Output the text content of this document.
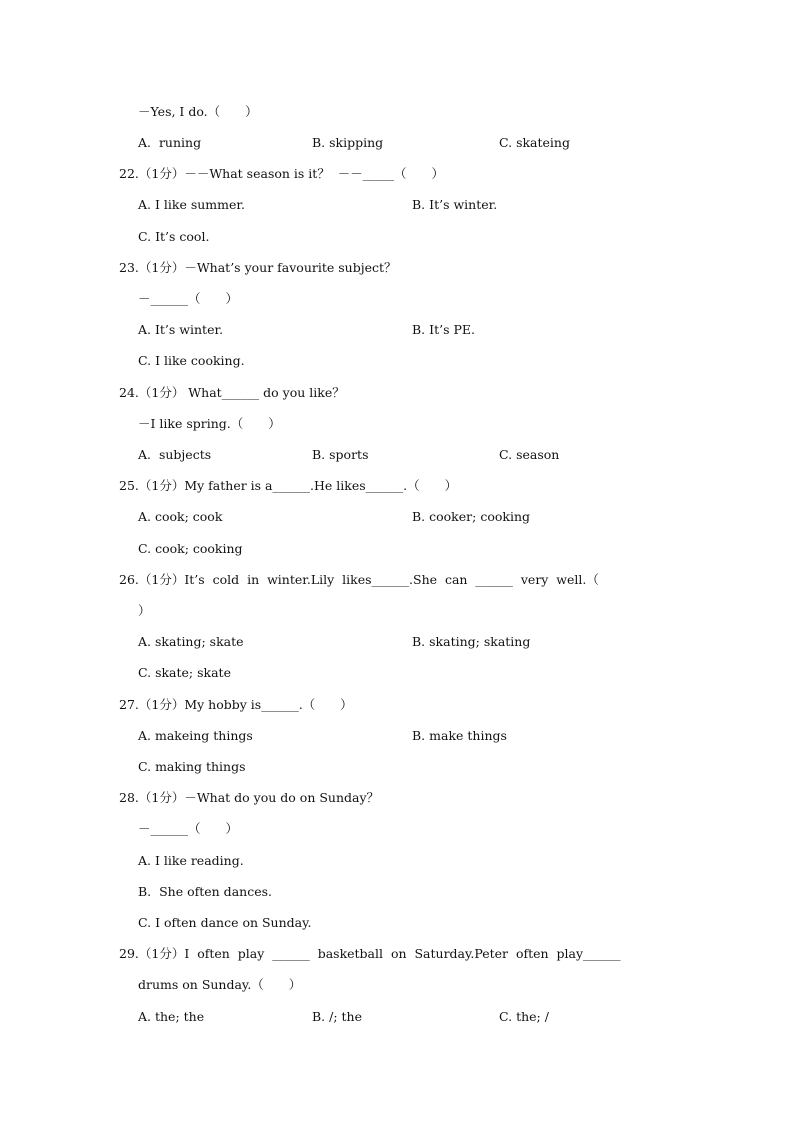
－Yes, I do.（　　）
A.  runing	B. skipping	C. skateing
22.（1分）－－What season is it？  －－_____（　　）
A. I like summer.	B. It’s winter.
C. It’s cool.
23.（1分）－What’s your favourite subject？
－______（　　）
A. It’s winter.	B. It’s PE.
C. I like cooking.
24.（1分） What______ do you like？
－I like spring.（　　）
A.  subjects	B. sports	C. season
25.（1分）My father is a______.He likes______.（　　）
A. cook; cook	B. cooker; cooking
C. cook; cooking
26.（1分）It’s  cold  in  winter.Lily  likes______.She  can  ______  very  well.（
）
A. skating; skate	B. skating; skating
C. skate; skate
27.（1分）My hobby is______.（　　）
A. makeing things	B. make things
C. making things
28.（1分）－What do you do on Sunday？
－______（　　）
A. I like reading.
B.  She often dances.
C. I often dance on Sunday.
29.（1分）I  often  play  ______  basketball  on  Saturday.Peter  often  play______
drums on Sunday.（　　）
A. the; the	B. /; the	C. the; /
